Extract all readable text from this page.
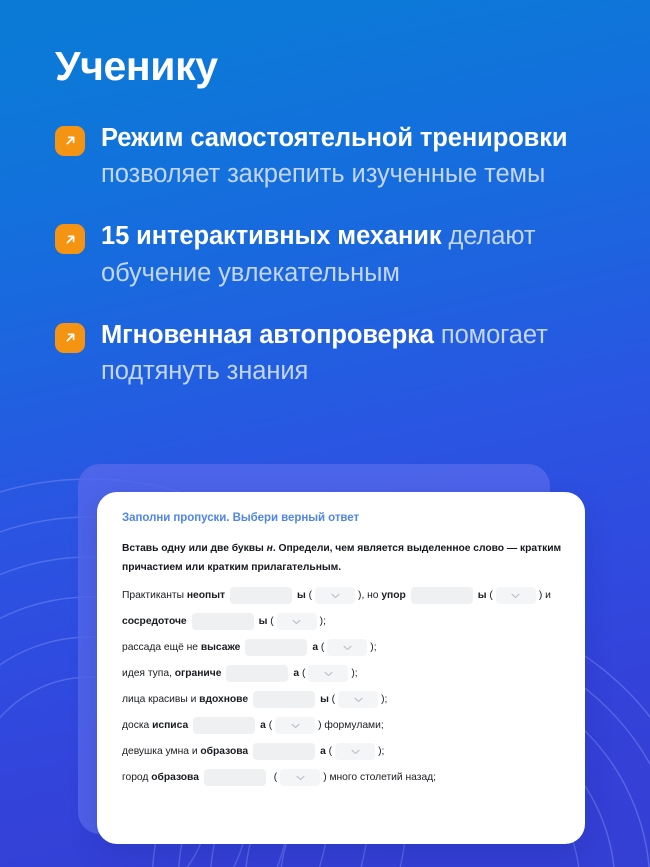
Ученику
Режим самостоятельной тренировки позволяет закрепить изученные темы
15 интерактивных механик делают обучение увлекательным
Мгновенная автопроверка помогает подтянуть знания
Заполни пропуски. Выбери верный ответ
Вставь одну или две буквы н. Определи, чем является выделенное слово — кратким причастием или кратким прилагательным.
Практиканты неопыт	ы (	), но упор	ы (	) и
сосредоточе	ы (	);
рассада ещё не высаже	а (	);
идея тупа, ограниче	а (	);
лица красивы и вдохнове	ы (	);
доска исписа	а (	) формулами;
девушка умна и образова	а (	);
город образова	(	) много столетий назад;
